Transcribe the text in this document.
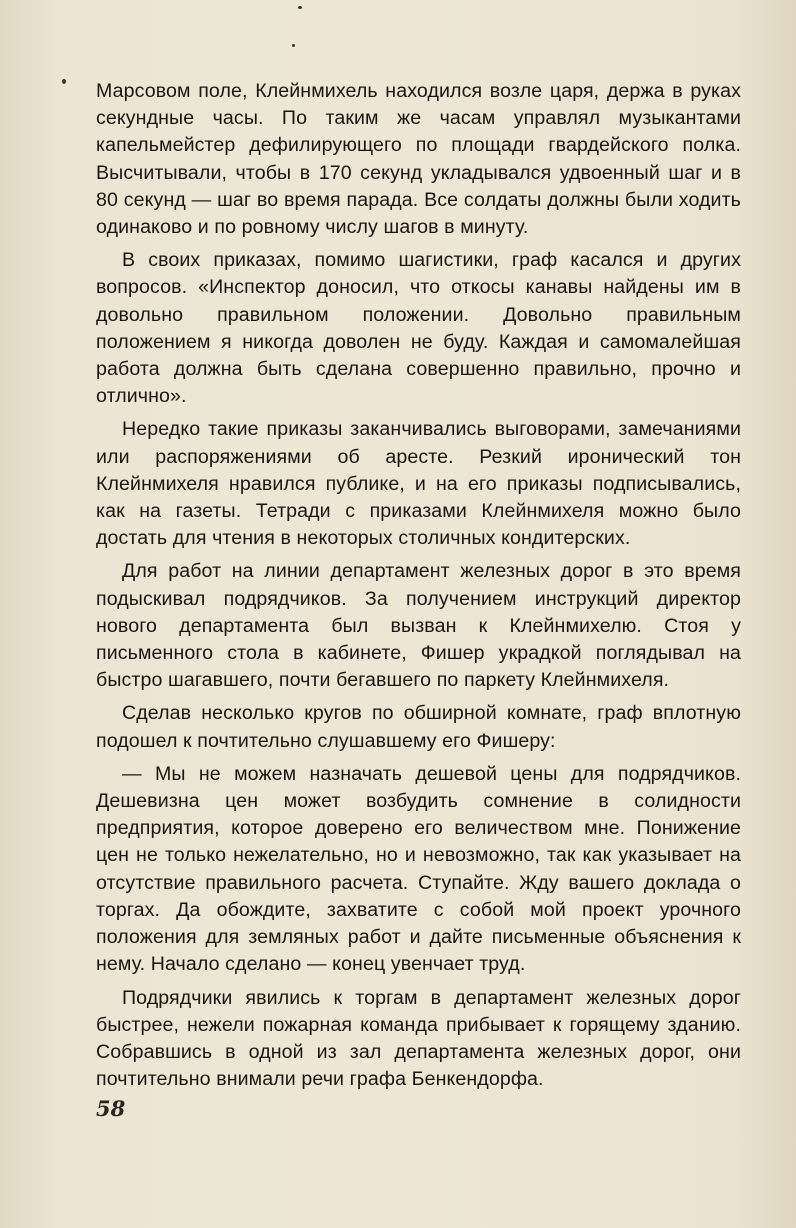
Марсовом поле, Клейнмихель находился возле царя, держа в руках секундные часы. По таким же часам управлял музыкантами капельмейстер дефилирующего по площади гвардейского полка. Высчитывали, чтобы в 170 секунд укладывался удвоенный шаг и в 80 секунд — шаг во время парада. Все солдаты должны были ходить одинаково и по ровному числу шагов в минуту.

В своих приказах, помимо шагистики, граф касался и других вопросов. «Инспектор доносил, что откосы канавы найдены им в довольно правильном положении. Довольно правильным положением я никогда доволен не буду. Каждая и самомалейшая работа должна быть сделана совершенно правильно, прочно и отлично».

Нередко такие приказы заканчивались выговорами, замечаниями или распоряжениями об аресте. Резкий иронический тон Клейнмихеля нравился публике, и на его приказы подписывались, как на газеты. Тетради с приказами Клейнмихеля можно было достать для чтения в некоторых столичных кондитерских.

Для работ на линии департамент железных дорог в это время подыскивал подрядчиков. За получением инструкций директор нового департамента был вызван к Клейнмихелю. Стоя у письменного стола в кабинете, Фишер украдкой поглядывал на быстро шагавшего, почти бегавшего по паркету Клейнмихеля.

Сделав несколько кругов по обширной комнате, граф вплотную подошел к почтительно слушавшему его Фишеру:

— Мы не можем назначать дешевой цены для подрядчиков. Дешевизна цен может возбудить сомнение в солидности предприятия, которое доверено его величеством мне. Понижение цен не только нежелательно, но и невозможно, так как указывает на отсутствие правильного расчета. Ступайте. Жду вашего доклада о торгах. Да обождите, захватите с собой мой проект урочного положения для земляных работ и дайте письменные объяснения к нему. Начало сделано — конец увенчает труд.

Подрядчики явились к торгам в департамент железных дорог быстрее, нежели пожарная команда прибывает к горящему зданию. Собравшись в одной из зал департамента железных дорог, они почтительно внимали речи графа Бенкендорфа.

58
